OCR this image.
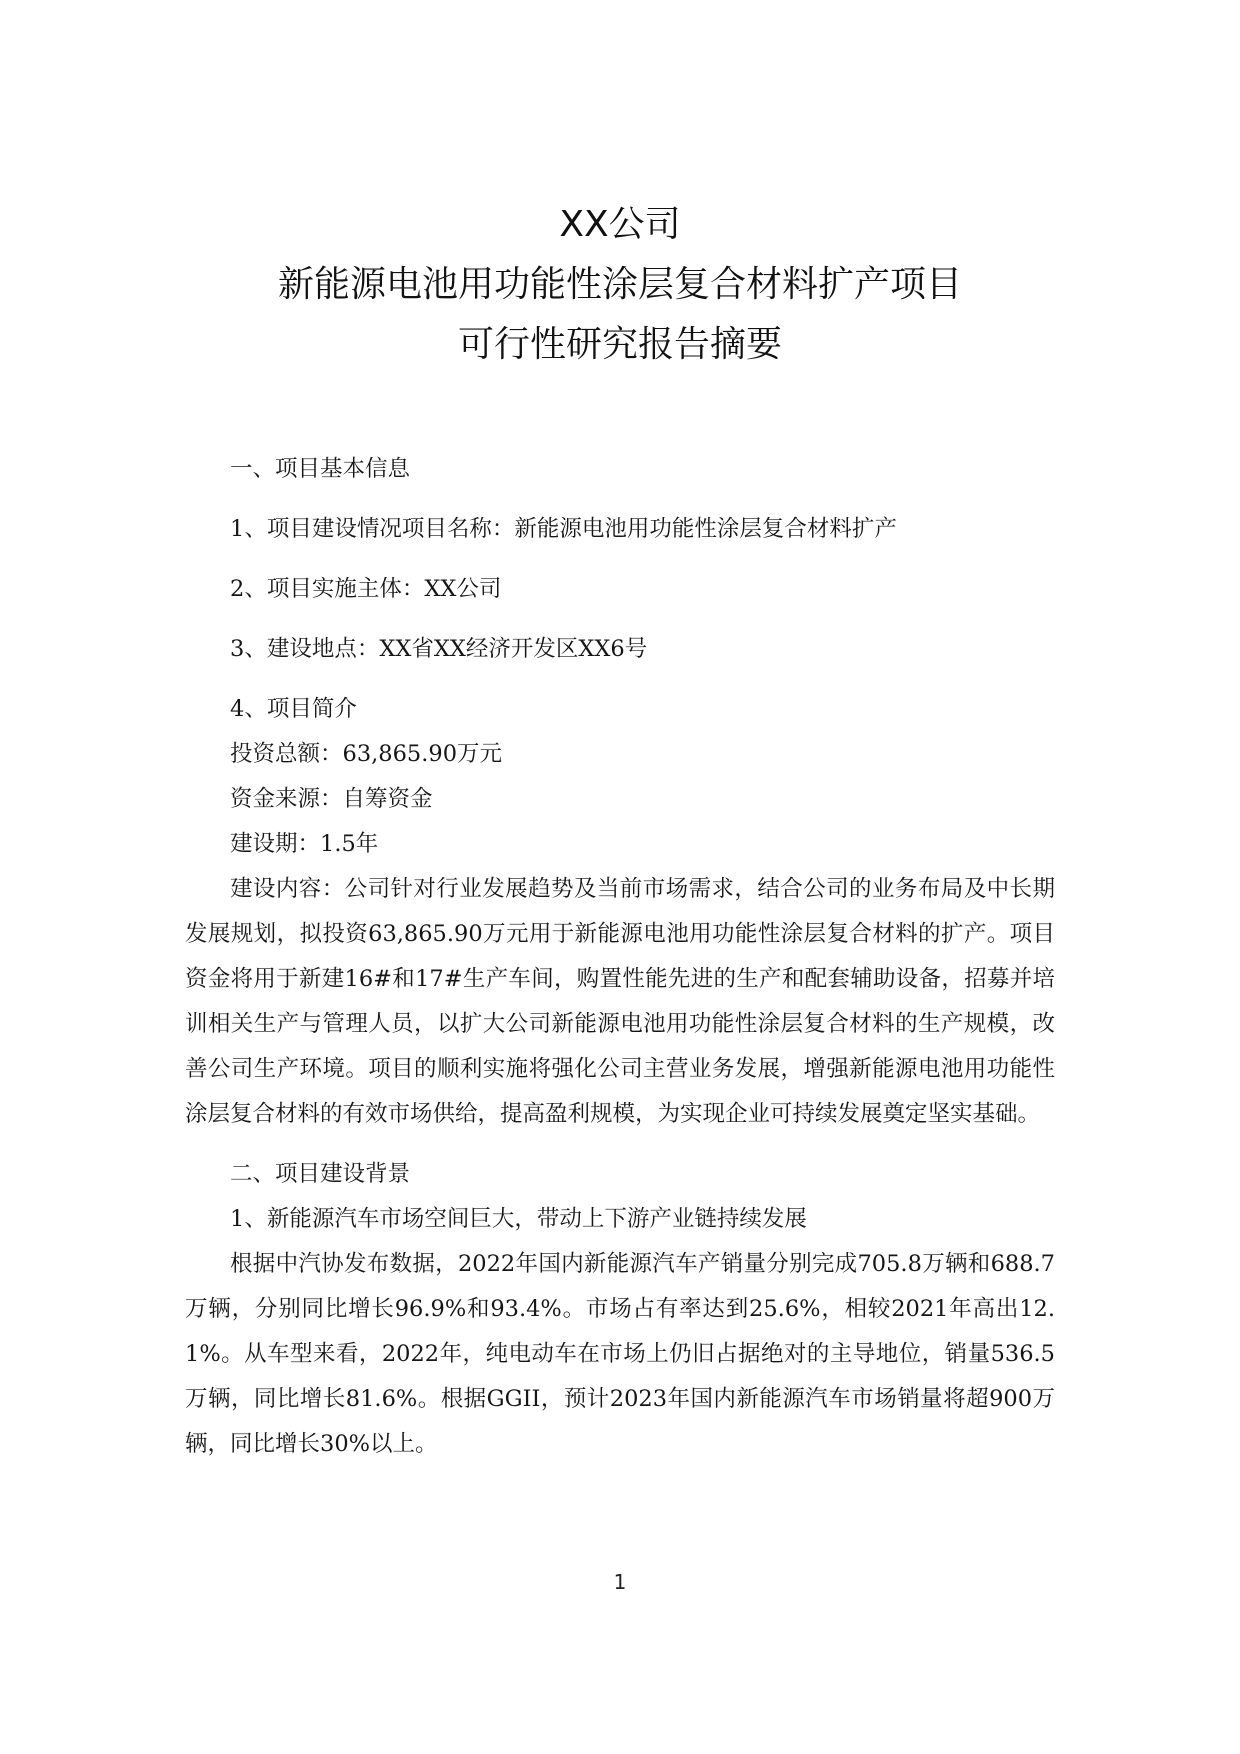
XX公司
新能源电池用功能性涂层复合材料扩产项目
可行性研究报告摘要
一、项目基本信息
1、项目建设情况项目名称：新能源电池用功能性涂层复合材料扩产
2、项目实施主体：XX公司
3、建设地点：XX省XX经济开发区XX6号
4、项目简介
投资总额：63,865.90万元
资金来源：自筹资金
建设期：1.5年

建设内容：公司针对行业发展趋势及当前市场需求，结合公司的业务布局及中长期发展规划，拟投资63,865.90万元用于新能源电池用功能性涂层复合材料的扩产。项目资金将用于新建16#和17#生产车间，购置性能先进的生产和配套辅助设备，招募并培训相关生产与管理人员，以扩大公司新能源电池用功能性涂层复合材料的生产规模，改善公司生产环境。项目的顺利实施将强化公司主营业务发展，增强新能源电池用功能性涂层复合材料的有效市场供给，提高盈利规模，为实现企业可持续发展奠定坚实基础。

二、项目建设背景
1、新能源汽车市场空间巨大，带动上下游产业链持续发展

根据中汽协发布数据，2022年国内新能源汽车产销量分别完成705.8万辆和688.7万辆，分别同比增长96.9%和93.4%。市场占有率达到25.6%，相较2021年高出12.1%。从车型来看，2022年，纯电动车在市场上仍旧占据绝对的主导地位，销量536.5万辆，同比增长81.6%。根据GGII，预计2023年国内新能源汽车市场销量将超900万辆，同比增长30%以上。

1
